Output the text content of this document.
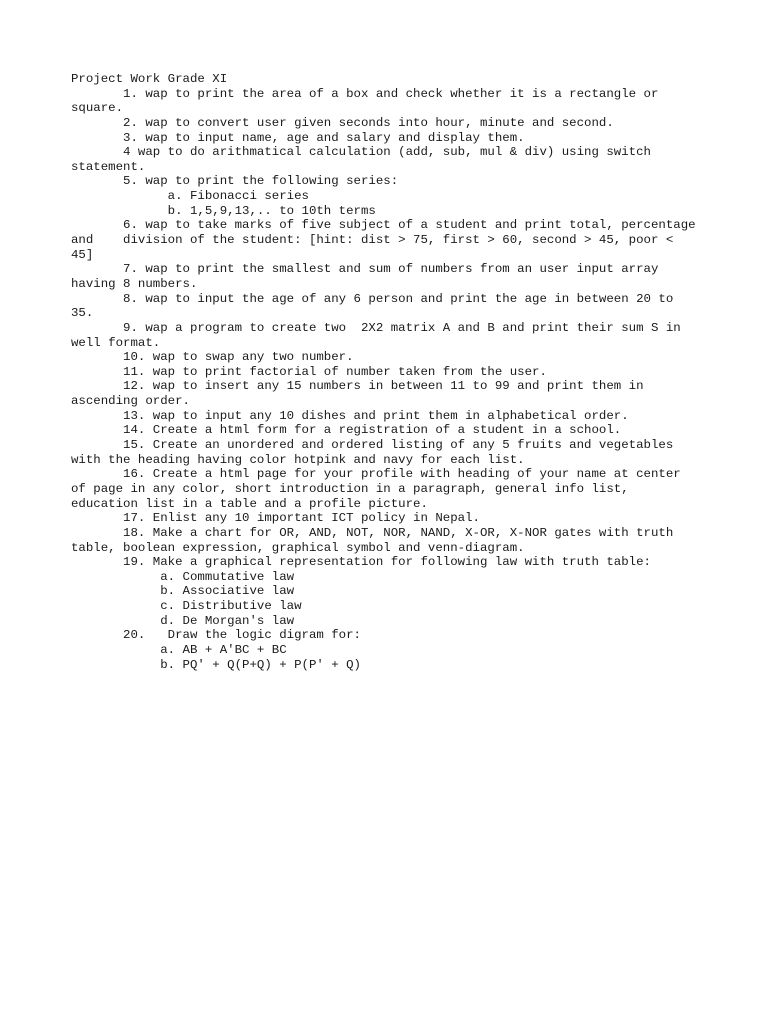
Project Work Grade XI
1. wap to print the area of a box and check whether it is a rectangle or
square.
2. wap to convert user given seconds into hour, minute and second.
3. wap to input name, age and salary and display them.
4 wap to do arithmatical calculation (add, sub, mul & div) using switch
statement.
5. wap to print the following series:
a. Fibonacci series
b. 1,5,9,13,.. to 10th terms
6. wap to take marks of five subject of a student and print total, percentage
and    division of the student: [hint: dist > 75, first > 60, second > 45, poor <
45]
7. wap to print the smallest and sum of numbers from an user input array
having 8 numbers.
8. wap to input the age of any 6 person and print the age in between 20 to
35.
9. wap a program to create two  2X2 matrix A and B and print their sum S in
well format.
10. wap to swap any two number.
11. wap to print factorial of number taken from the user.
12. wap to insert any 15 numbers in between 11 to 99 and print them in
ascending order.
13. wap to input any 10 dishes and print them in alphabetical order.
14. Create a html form for a registration of a student in a school.
15. Create an unordered and ordered listing of any 5 fruits and vegetables
with the heading having color hotpink and navy for each list.
16. Create a html page for your profile with heading of your name at center
of page in any color, short introduction in a paragraph, general info list,
education list in a table and a profile picture.
17. Enlist any 10 important ICT policy in Nepal.
18. Make a chart for OR, AND, NOT, NOR, NAND, X-OR, X-NOR gates with truth
table, boolean expression, graphical symbol and venn-diagram.
19. Make a graphical representation for following law with truth table:
a. Commutative law
b. Associative law
c. Distributive law
d. De Morgan's law
20.   Draw the logic digram for:
a. AB + A'BC + BC
b. PQ' + Q(P+Q) + P(P' + Q)
